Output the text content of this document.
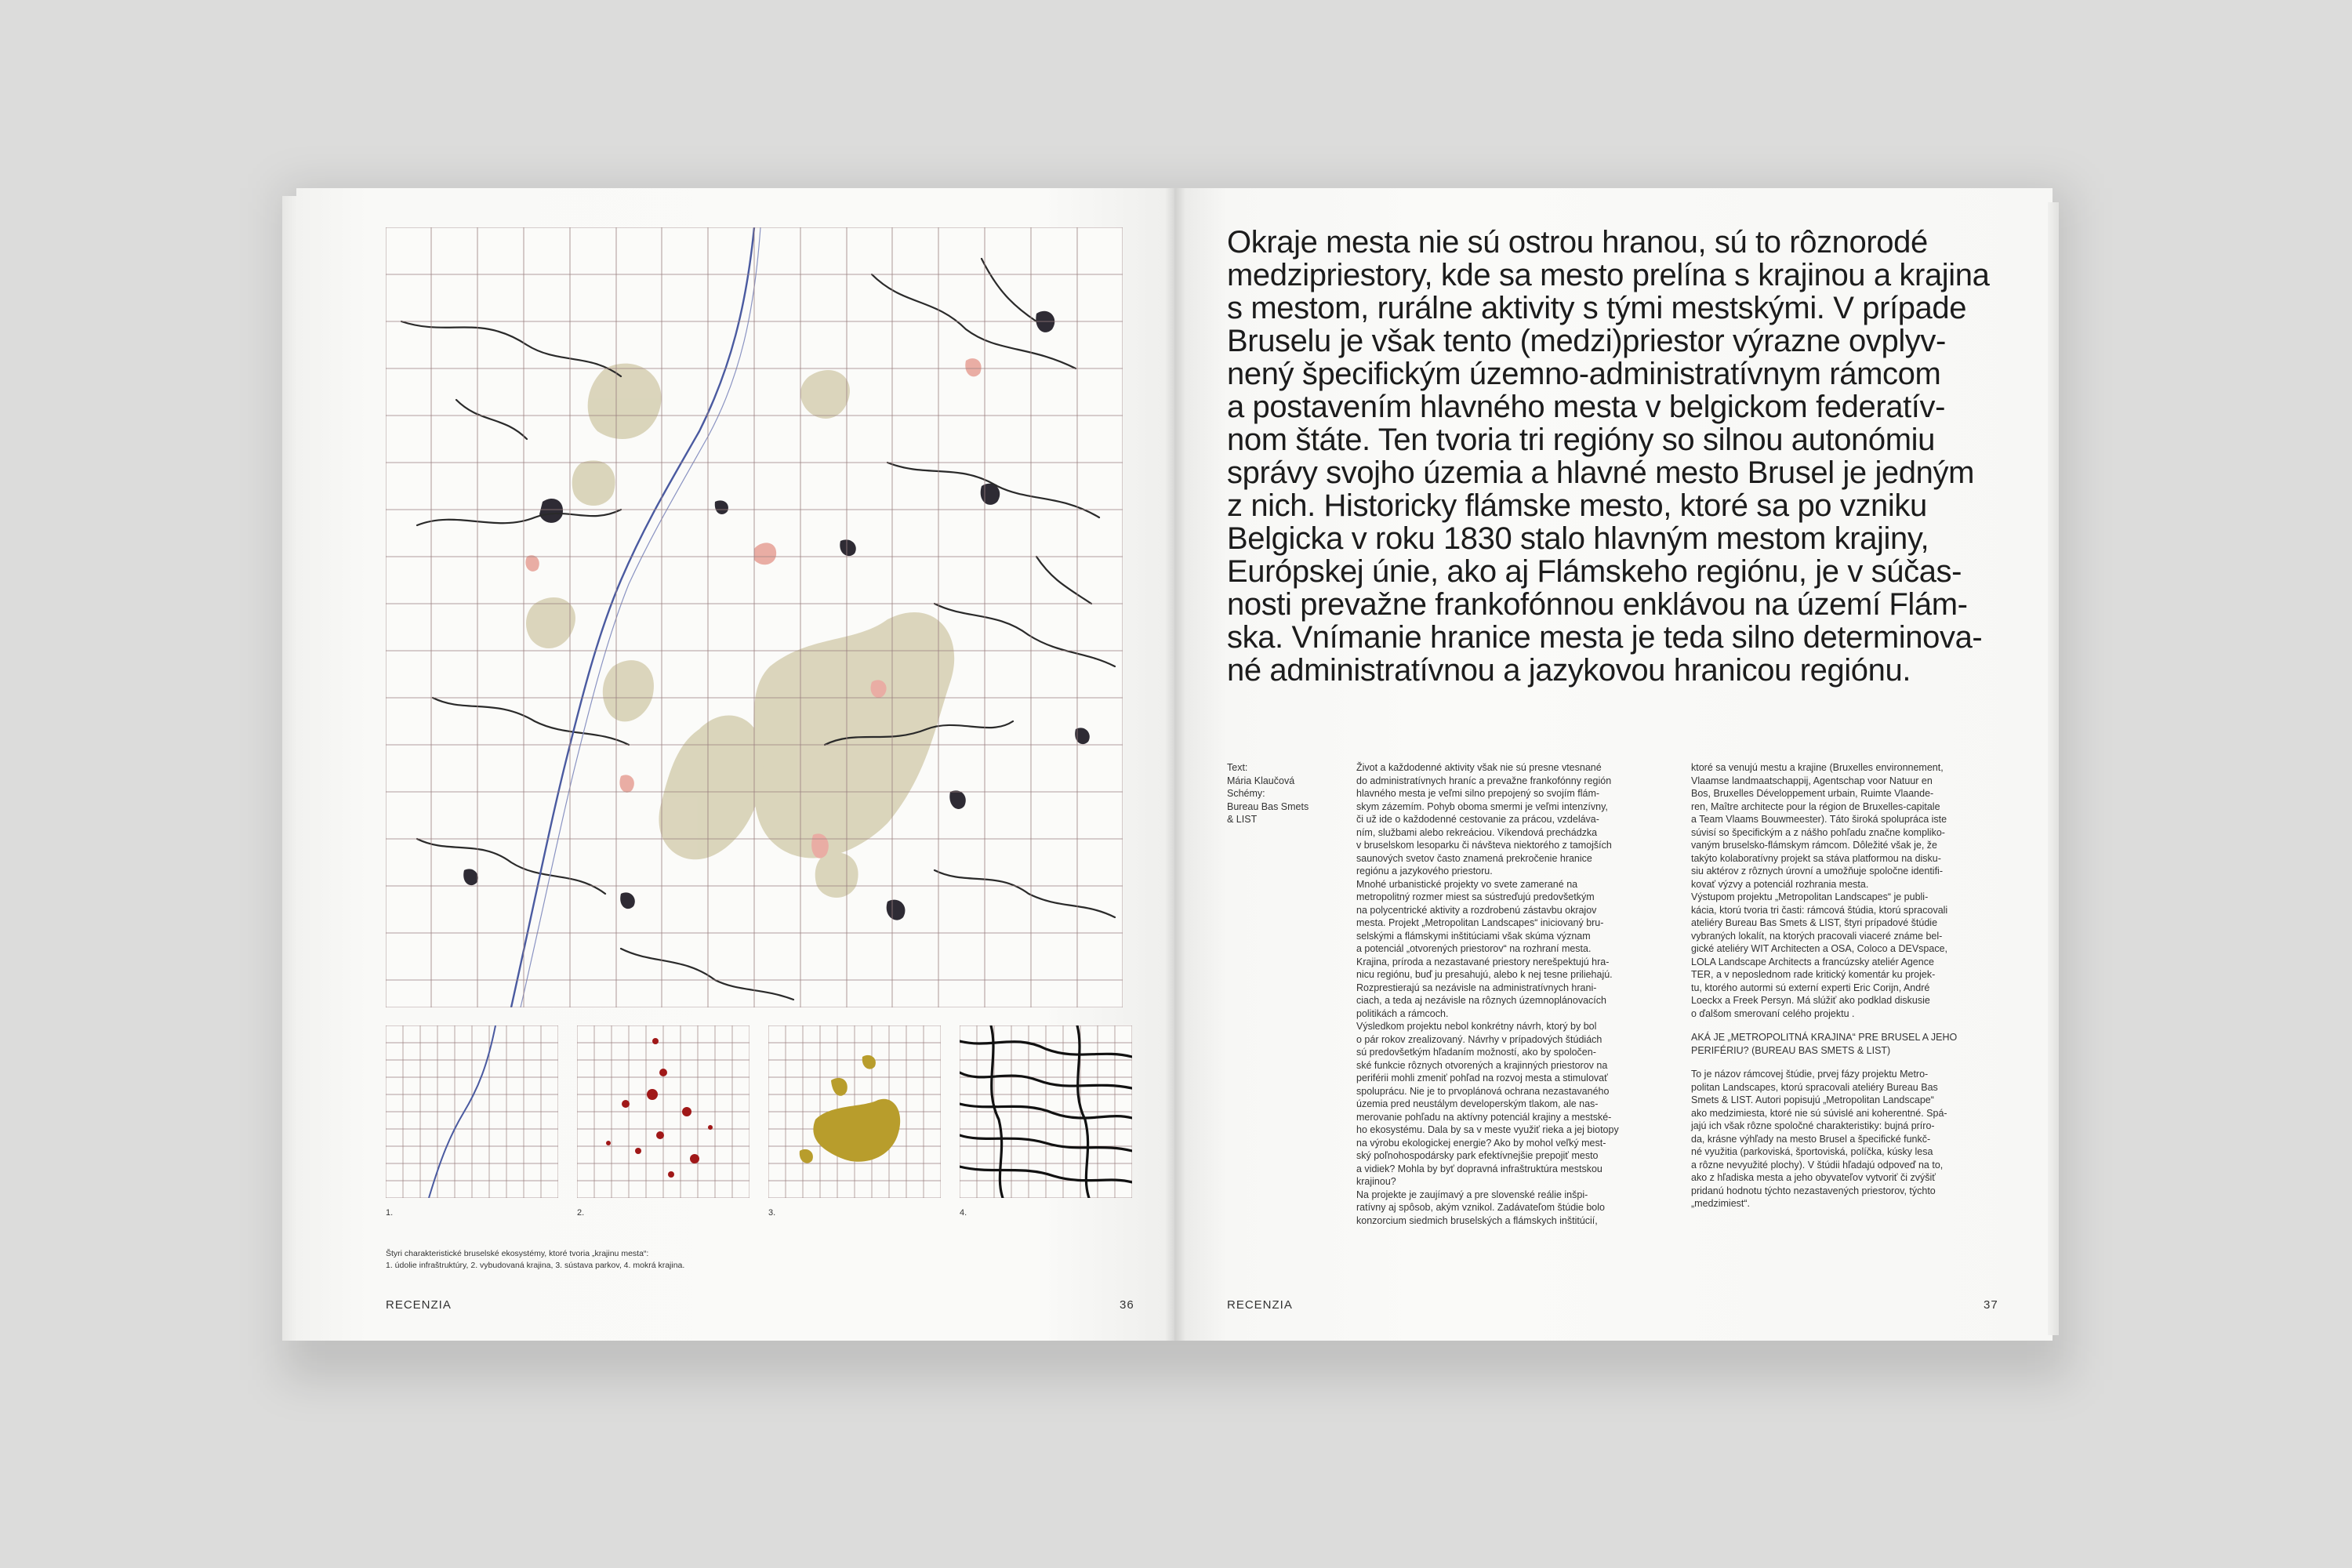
1.	2.	3.	4.
Štyri charakteristické bruselské ekosystémy, ktoré tvoria „krajinu mesta“:
1. údolie infraštruktúry, 2. vybudovaná krajina, 3. sústava parkov, 4. mokrá krajina.
RECENZIA	36
Okraje mesta nie sú ostrou hranou, sú to rôznorodé
medzipriestory, kde sa mesto prelína s krajinou a krajina
s mestom, rurálne aktivity s tými mestskými. V prípade
Bruselu je však tento (medzi)priestor výrazne ovplyv-
nený špecifickým územno-administratívnym rámcom
a postavením hlavného mesta v belgickom federatív-
nom štáte. Ten tvoria tri regióny so silnou autonómiu
správy svojho územia a hlavné mesto Brusel je jedným
z nich. Historicky flámske mesto, ktoré sa po vzniku
Belgicka v roku 1830 stalo hlavným mestom krajiny,
Európskej únie, ako aj Flámskeho regiónu, je v súčas-
nosti prevažne frankofónnou enklávou na území Flám-
ska. Vnímanie hranice mesta je teda silno determinova-
né administratívnou a jazykovou hranicou regiónu.
Text:
Mária Klaučová
Schémy:
Bureau Bas Smets
& LIST
Život a každodenné aktivity však nie sú presne vtesnané
do administratívnych hraníc a prevažne frankofónny región
hlavného mesta je veľmi silno prepojený so svojím flám-
skym zázemím. Pohyb oboma smermi je veľmi intenzívny,
či už ide o každodenné cestovanie za prácou, vzdelávа-
ním, službami alebo rekreáciou. Víkendová prechádzka
v bruselskom lesoparku či návšteva niektorého z tamojších
saunových svetov často znamená prekročenie hranice
regiónu a jazykového priestoru.
Mnohé urbanistické projekty vo svete zamerané na
metropolitný rozmer miest sa sústreďujú predovšetkým
na polycentrické aktivity a rozdrobenú zástavbu okrajov
mesta. Projekt „Metropolitan Landscapes“ iniciovaný bru-
selskými a flámskymi inštitúciami však skúma význam
a potenciál „otvorených priestorov“ na rozhraní mesta.
Krajina, príroda a nezastavané priestory nerešpektujú hra-
nicu regiónu, buď ju presahujú, alebo k nej tesne priliehajú.
Rozprestierajú sa nezávisle na administratívnych hrani-
ciach, a teda aj nezávisle na rôznych územnoplánovacích
politikách a rámcoch.
Výsledkom projektu nebol konkrétny návrh, ktorý by bol
o pár rokov zrealizovaný. Návrhy v prípadových štúdiách
sú predovšetkým hľadaním možností, ako by spoločen-
ské funkcie rôznych otvorených a krajinných priestorov na
periférii mohli zmeniť pohľad na rozvoj mesta a stimulovať
spoluprácu. Nie je to prvoplánová ochrana nezastavaného
územia pred neustálym developerským tlakom, ale nas-
merovanie pohľadu na aktívny potenciál krajiny a mestské-
ho ekosystému. Dala by sa v meste využiť rieka a jej biotopy
na výrobu ekologickej energie? Ako by mohol veľký mest-
ský poľnohospodársky park efektívnejšie prepojiť mesto
a vidiek? Mohla by byť dopravná infraštruktúra mestskou
krajinou?
Na projekte je zaujímavý a pre slovenské reálie inšpi-
ratívny aj spôsob, akým vznikol. Zadávateľom štúdie bolo
konzorcium siedmich bruselských a flámskych inštitúcií,
ktoré sa venujú mestu a krajine (Bruxelles environnement,
Vlaamse landmaatschappij, Agentschap voor Natuur en
Bos, Bruxelles Développement urbain, Ruimte Vlaande-
ren, Maître architecte pour la région de Bruxelles-capitale
a Team Vlaams Bouwmeester). Táto široká spolupráca iste
súvisí so špecifickým a z nášho pohľadu značne kompliko-
vaným bruselsko-flámskym rámcom. Dôležité však je, že
takýto kolaboratívny projekt sa stáva platformou na disku-
siu aktérov z rôznych úrovní a umožňuje spoločne identifi-
kovať výzvy a potenciál rozhrania mesta.
Výstupom projektu „Metropolitan Landscapes“ je publi-
kácia, ktorú tvoria tri časti: rámcová štúdia, ktorú spracovali
ateliéry Bureau Bas Smets & LIST, štyri prípadové štúdie
vybraných lokalít, na ktorých pracovali viaceré známe bel-
gické ateliéry WIT Architecten a OSA, Coloco a DEVspace,
LOLA Landscape Architects a francúzsky ateliér Agence
TER, a v neposlednom rade kritický komentár ku projek-
tu, ktorého autormi sú externí experti Eric Corijn, André
Loeckx a Freek Persyn. Má slúžiť ako podklad diskusie
o ďalšom smerovaní celého projektu .
AKÁ JE „METROPOLITNÁ KRAJINA“ PRE BRUSEL A JEHO
PERIFÉRIU? (BUREAU BAS SMETS & LIST)
To je názov rámcovej štúdie, prvej fázy projektu Metro-
politan Landscapes, ktorú spracovali ateliéry Bureau Bas
Smets & LIST. Autori popisujú „Metropolitan Landscape“
ako medzimiesta, ktoré nie sú súvislé ani koherentné. Spá-
jajú ich však rôzne spoločné charakteristiky: bujná príro-
da, krásne výhľady na mesto Brusel a špecifické funkč-
né využitia (parkoviská, športoviská, políčka, kúsky lesa
a rôzne nevyužité plochy). V štúdii hľadajú odpoveď na to,
ako z hľadiska mesta a jeho obyvateľov vytvoriť či zvýšiť
pridanú hodnotu týchto nezastavených priestorov, týchto
„medzimiest“.
RECENZIA	37
